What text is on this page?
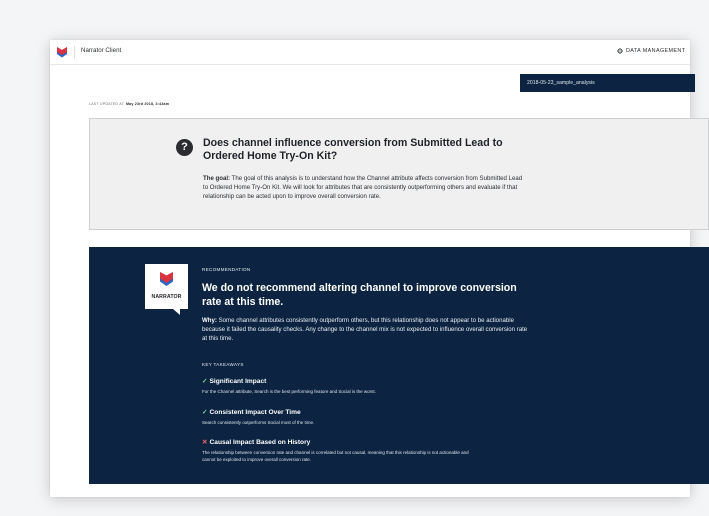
Narrator Client	DATA MANAGEMENT
2018-05-23_sample_analysis
LAST UPDATED AT: May 23rd 2018, 3:43am
?	Does channel influence conversion from Submitted Lead to Ordered Home Try-On Kit?
The goal: The goal of this analysis is to understand how the Channel attribute affects conversion from Submitted Lead to Ordered Home Try-On Kit. We will look for attributes that are consistently outperforming others and evaluate if that relationship can be acted upon to improve overall conversion rate.
NARRATOR
RECOMMENDATION
We do not recommend altering channel to improve conversion rate at this time.
Why: Some channel attributes consistently outperform others, but this relationship does not appear to be actionable because it failed the causality checks. Any change to the channel mix is not expected to influence overall conversion rate at this time.
KEY TAKEAWAYS
✓ Significant Impact
For the Channel attribute, Search is the best performing feature and Social is the worst.
✓ Consistent Impact Over Time
Search consistently outperforms Social most of the time.
✕ Causal Impact Based on History
The relationship between conversion rate and channel is correlated but not causal, meaning that this relationship is not actionable and cannot be exploited to improve overall conversion rate.
